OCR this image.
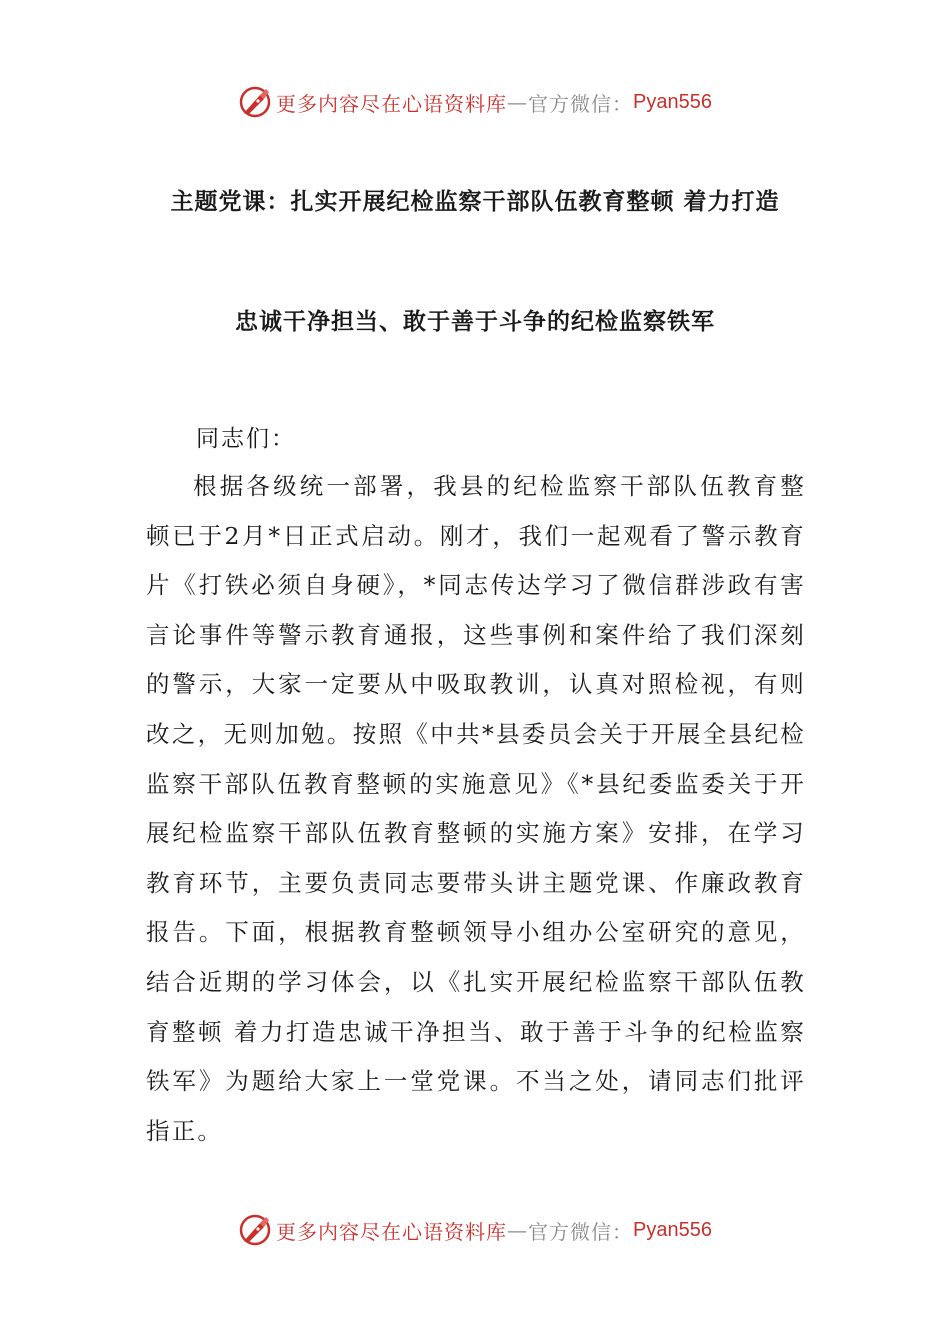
更多内容尽在心语资料库 — 官方微信： Pyan556
主题党课：扎实开展纪检监察干部队伍教育整顿 着力打造
忠诚干净担当、敢于善于斗争的纪检监察铁军
同志们：

根据各级统一部署，我县的纪检监察干部队伍教育整顿已于2月*日正式启动。刚才，我们一起观看了警示教育片《打铁必须自身硬》，*同志传达学习了微信群涉政有害言论事件等警示教育通报，这些事例和案件给了我们深刻的警示，大家一定要从中吸取教训，认真对照检视，有则改之，无则加勉。按照《中共*县委员会关于开展全县纪检监察干部队伍教育整顿的实施意见》《*县纪委监委关于开展纪检监察干部队伍教育整顿的实施方案》安排，在学习教育环节，主要负责同志要带头讲主题党课、作廉政教育报告。下面，根据教育整顿领导小组办公室研究的意见，结合近期的学习体会，以《扎实开展纪检监察干部队伍教育整顿 着力打造忠诚干净担当、敢于善于斗争的纪检监察铁军》为题给大家上一堂党课。不当之处，请同志们批评指正。

更多内容尽在心语资料库 — 官方微信： Pyan556
